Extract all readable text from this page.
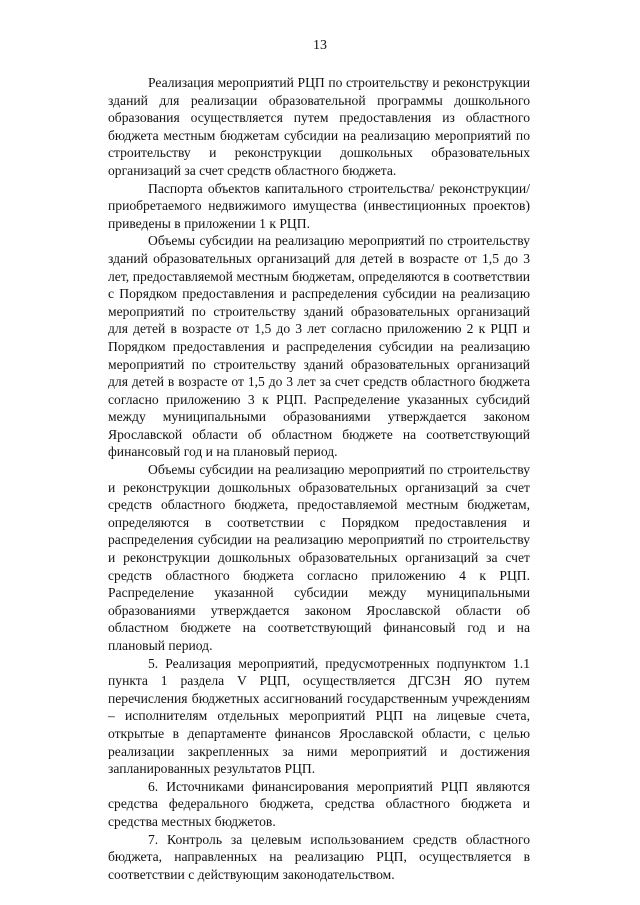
13

Реализация мероприятий РЦП по строительству и реконструкции зданий для реализации образовательной программы дошкольного образования осуществляется путем предоставления из областного бюджета местным бюджетам субсидии на реализацию мероприятий по строительству и реконструкции дошкольных образовательных организаций за счет средств областного бюджета.

Паспорта объектов капитального строительства/ реконструкции/ приобретаемого недвижимого имущества (инвестиционных проектов) приведены в приложении 1 к РЦП.

Объемы субсидии на реализацию мероприятий по строительству зданий образовательных организаций для детей в возрасте от 1,5 до 3 лет, предоставляемой местным бюджетам, определяются в соответствии с Порядком предоставления и распределения субсидии на реализацию мероприятий по строительству зданий образовательных организаций для детей в возрасте от 1,5 до 3 лет согласно приложению 2 к РЦП и Порядком предоставления и распределения субсидии на реализацию мероприятий по строительству зданий образовательных организаций для детей в возрасте от 1,5 до 3 лет за счет средств областного бюджета согласно приложению 3 к РЦП. Распределение указанных субсидий между муниципальными образованиями утверждается законом Ярославской области об областном бюджете на соответствующий финансовый год и на плановый период.

Объемы субсидии на реализацию мероприятий по строительству и реконструкции дошкольных образовательных организаций за счет средств областного бюджета, предоставляемой местным бюджетам, определяются в соответствии с Порядком предоставления и распределения субсидии на реализацию мероприятий по строительству и реконструкции дошкольных образовательных организаций за счет средств областного бюджета согласно приложению 4 к РЦП. Распределение указанной субсидии между муниципальными образованиями утверждается законом Ярославской области об областном бюджете на соответствующий финансовый год и на плановый период.

5. Реализация мероприятий, предусмотренных подпунктом 1.1 пункта 1 раздела V РЦП, осуществляется ДГСЗН ЯО путем перечисления бюджетных ассигнований государственным учреждениям – исполнителям отдельных мероприятий РЦП на лицевые счета, открытые в департаменте финансов Ярославской области, с целью реализации закрепленных за ними мероприятий и достижения запланированных результатов РЦП.

6. Источниками финансирования мероприятий РЦП являются средства федерального бюджета, средства областного бюджета и средства местных бюджетов.

7. Контроль за целевым использованием средств областного бюджета, направленных на реализацию РЦП, осуществляется в соответствии с действующим законодательством.
